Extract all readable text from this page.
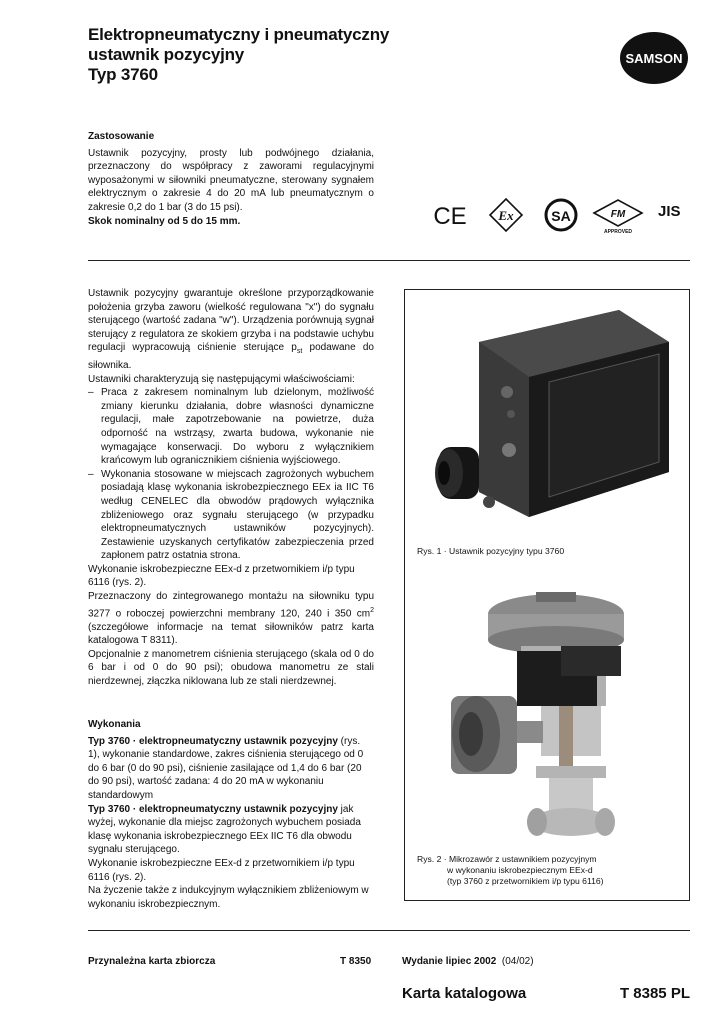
Elektropneumatyczny i pneumatyczny
ustawnik pozycyjny
Typ 3760
SAMSON

Zastosowanie

Ustawnik pozycyjny, prosty lub podwójnego działania, przeznaczony do współpracy z zaworami regulacyjnymi wyposażonymi w siłowniki pneumatyczne, sterowany sygnałem elektrycznym o zakresie 4 do 20 mA lub pneumatycznym o zakresie 0,2 do 1 bar (3 do 15 psi).

Skok nominalny od 5 do 15 mm.	CE Ex	SA	FM
APPROVED
JIS

Ustawnik pozycyjny gwarantuje określone przyporządkowanie położenia grzyba zaworu (wielkość regulowana "x") do sygnału sterującego (wartość zadana "w"). Urządzenia porównują sygnał sterujący z regulatora ze skokiem grzyba i na podstawie uchybu regulacji wypracowują ciśnienie sterujące $p_{st}$ podawane do siłownika.

Ustawniki charakteryzują się następującymi właściwościami:

– Praca z zakresem nominalnym lub dzielonym, możliwość zmiany kierunku działania, dobre własności dynamiczne regulacji, małe zapotrzebowanie na powietrze, duża odporność na wstrząsy, zwarta budowa, wykonanie nie wymagające konserwacji. Do wyboru z wyłącznikiem krańcowym lub ogranicznikiem ciśnienia wyjściowego.
– Wykonania stosowane w miejscach zagrożonych wybuchem posiadają klasę wykonania iskrobezpiecznego EEx ia IIC T6 według CENELEC dla obwodów prądowych wyłącznika zbliżeniowego oraz sygnału sterującego (w przypadku elektropneumatycznych ustawników pozycyjnych). Zestawienie uzyskanych certyfikatów zabezpieczenia przed zapłonem patrz ostatnia strona.

Wykonanie iskrobezpieczne EEx-d z przetwornikiem i/p typu 6116 (rys. 2).

Przeznaczony do zintegrowanego montażu na siłowniku typu 3277 o roboczej powierzchni membrany 120, 240 i 350 $cm^2$ (szczegółowe informacje na temat siłowników patrz karta katalogowa T 8311).

Opcjonalnie z manometrem ciśnienia sterującego (skala od 0 do 6 bar i od 0 do 90 psi); obudowa manometru ze stali nierdzewnej, złączka niklowana lub ze stali nierdzewnej.

Wykonania

Typ 3760 · elektropneumatyczny ustawnik pozycyjny (rys. 1), wykonanie standardowe, zakres ciśnienia sterującego od 0 do 6 bar (0 do 90 psi), ciśnienie zasilające od 1,4 do 6 bar (20 do 90 psi), wartość zadana: 4 do 20 mA w wykonaniu standardowym

Typ 3760 · elektropneumatyczny ustawnik pozycyjny jak wyżej, wykonanie dla miejsc zagrożonych wybuchem posiada klasę wykonania iskrobezpiecznego EEx IIC T6 dla obwodu sygnału sterującego.

Wykonanie iskrobezpieczne EEx-d z przetwornikiem i/p typu 6116 (rys. 2).

Na życzenie także z indukcyjnym wyłącznikiem zbliżeniowym w wykonaniu iskrobezpiecznym.

Rys. 1 · Ustawnik pozycyjny typu 3760
Rys. 2 · Mikrozawór z ustawnikiem pozycyjnym
w wykonaniu iskrobezpiecznym EEx-d
(typ 3760 z przetwornikiem i/p typu 6116)
Przynależna karta zbiorcza	T 8350	Wydanie lipiec 2002 (04/02)
Karta katalogowa	T 8385 PL
